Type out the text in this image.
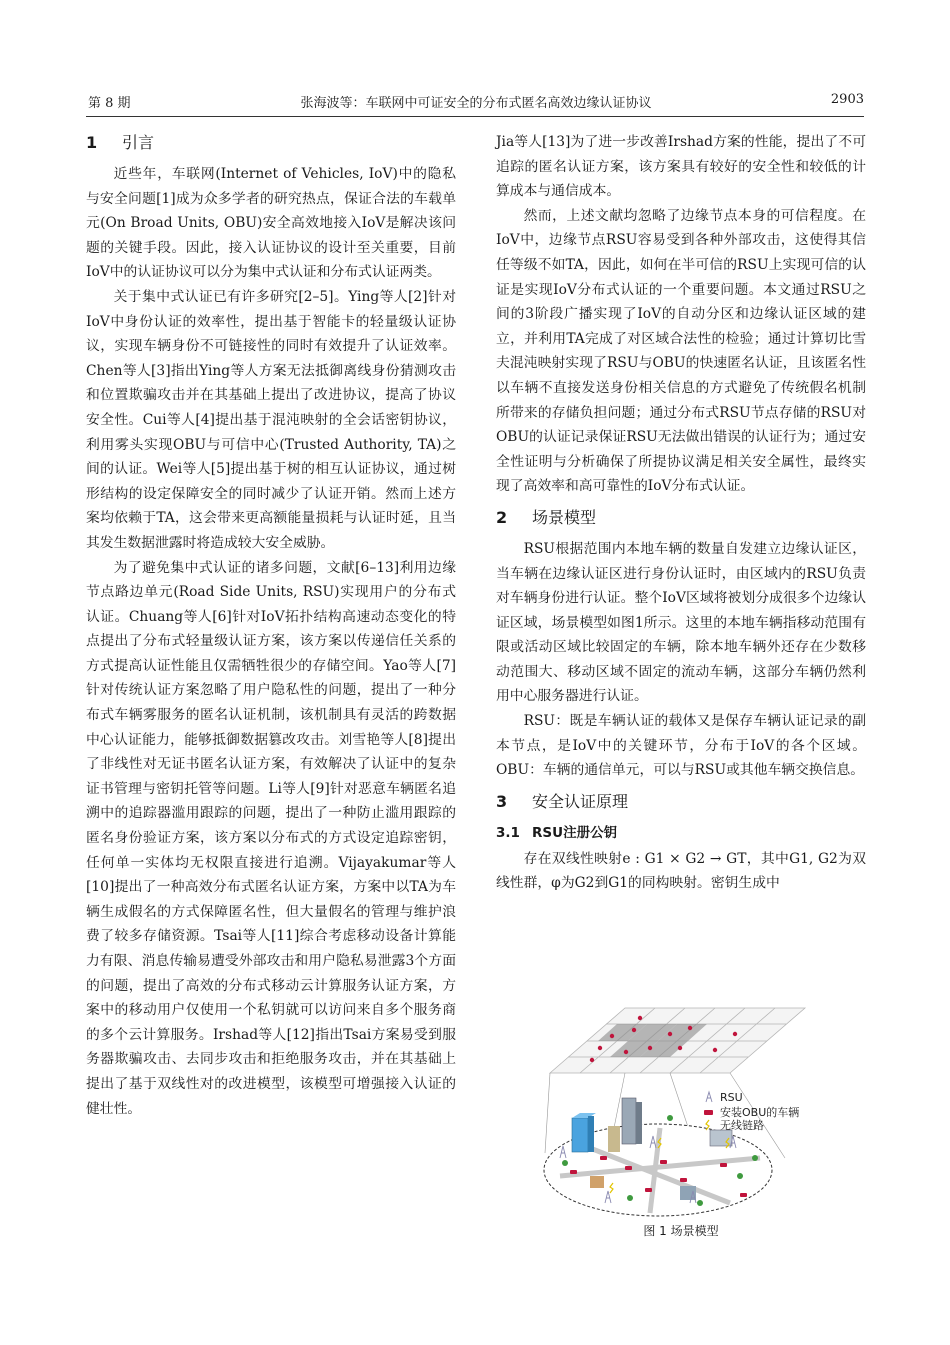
张海波等：车联网中可证安全的分布式匿名高效边缘认证协议
第 8 期	2903
1 引言

近些年，车联网(Internet of Vehicles, IoV)中的隐私与安全问题[1]成为众多学者的研究热点，保证合法的车载单元(On Broad Units, OBU)安全高效地接入IoV是解决该问题的关键手段。因此，接入认证协议的设计至关重要，目前IoV中的认证协议可以分为集中式认证和分布式认证两类。

关于集中式认证已有许多研究[2–5]。Ying等人[2]针对IoV中身份认证的效率性，提出基于智能卡的轻量级认证协议，实现车辆身份不可链接性的同时有效提升了认证效率。Chen等人[3]指出Ying等人方案无法抵御离线身份猜测攻击和位置欺骗攻击并在其基础上提出了改进协议，提高了协议安全性。Cui等人[4]提出基于混沌映射的全会话密钥协议，利用雾头实现OBU与可信中心(Trusted Authority, TA)之间的认证。Wei等人[5]提出基于树的相互认证协议，通过树形结构的设定保障安全的同时减少了认证开销。然而上述方案均依赖于TA，这会带来更高额能量损耗与认证时延，且当其发生数据泄露时将造成较大安全威胁。

为了避免集中式认证的诸多问题，文献[6–13]利用边缘节点路边单元(Road Side Units, RSU)实现用户的分布式认证。Chuang等人[6]针对IoV拓扑结构高速动态变化的特点提出了分布式轻量级认证方案，该方案以传递信任关系的方式提高认证性能且仅需牺牲很少的存储空间。Yao等人[7]针对传统认证方案忽略了用户隐私性的问题，提出了一种分布式车辆雾服务的匿名认证机制，该机制具有灵活的跨数据中心认证能力，能够抵御数据篡改攻击。刘雪艳等人[8]提出了非线性对无证书匿名认证方案，有效解决了认证中的复杂证书管理与密钥托管等问题。Li等人[9]针对恶意车辆匿名追溯中的追踪器滥用跟踪的问题，提出了一种防止滥用跟踪的匿名身份验证方案，该方案以分布式的方式设定追踪密钥，任何单一实体均无权限直接进行追溯。Vijayakumar等人[10]提出了一种高效分布式匿名认证方案，方案中以TA为车辆生成假名的方式保障匿名性，但大量假名的管理与维护浪费了较多存储资源。Tsai等人[11]综合考虑移动设备计算能力有限、消息传输易遭受外部攻击和用户隐私易泄露3个方面的问题，提出了高效的分布式移动云计算服务认证方案，方案中的移动用户仅使用一个私钥就可以访问来自多个服务商的多个云计算服务。Irshad等人[12]指出Tsai方案易受到服务器欺骗攻击、去同步攻击和拒绝服务攻击，并在其基础上提出了基于双线性对的改进模型，该模型可增强接入认证的健壮性。

Jia等人[13]为了进一步改善Irshad方案的性能，提出了不可追踪的匿名认证方案，该方案具有较好的安全性和较低的计算成本与通信成本。

然而，上述文献均忽略了边缘节点本身的可信程度。在IoV中，边缘节点RSU容易受到各种外部攻击，这使得其信任等级不如TA，因此，如何在半可信的RSU上实现可信的认证是实现IoV分布式认证的一个重要问题。本文通过RSU之间的3阶段广播实现了IoV的自动分区和边缘认证区域的建立，并利用TA完成了对区域合法性的检验；通过计算切比雪夫混沌映射实现了RSU与OBU的快速匿名认证，且该匿名性以车辆不直接发送身份相关信息的方式避免了传统假名机制所带来的存储负担问题；通过分布式RSU节点存储的RSU对OBU的认证记录保证RSU无法做出错误的认证行为；通过安全性证明与分析确保了所提协议满足相关安全属性，最终实现了高效率和高可靠性的IoV分布式认证。

2 场景模型

RSU根据范围内本地车辆的数量自发建立边缘认证区，当车辆在边缘认证区进行身份认证时，由区域内的RSU负责对车辆身份进行认证。整个IoV区域将被划分成很多个边缘认证区域，场景模型如图1所示。这里的本地车辆指移动范围有限或活动区域比较固定的车辆，除本地车辆外还存在少数移动范围大、移动区域不固定的流动车辆，这部分车辆仍然利用中心服务器进行认证。

RSU：既是车辆认证的载体又是保存车辆认证记录的副本节点，是IoV中的关键环节，分布于IoV的各个区域。OBU：车辆的通信单元，可以与RSU或其他车辆交换信息。

3 安全认证原理
3.1 RSU注册公钥

存在双线性映射e : G1 × G2 → GT，其中G1, G2为双线性群，φ为G2到G1的同构映射。密钥生成中

RSU
安装OBU的车辆
无线链路
图 1 场景模型
